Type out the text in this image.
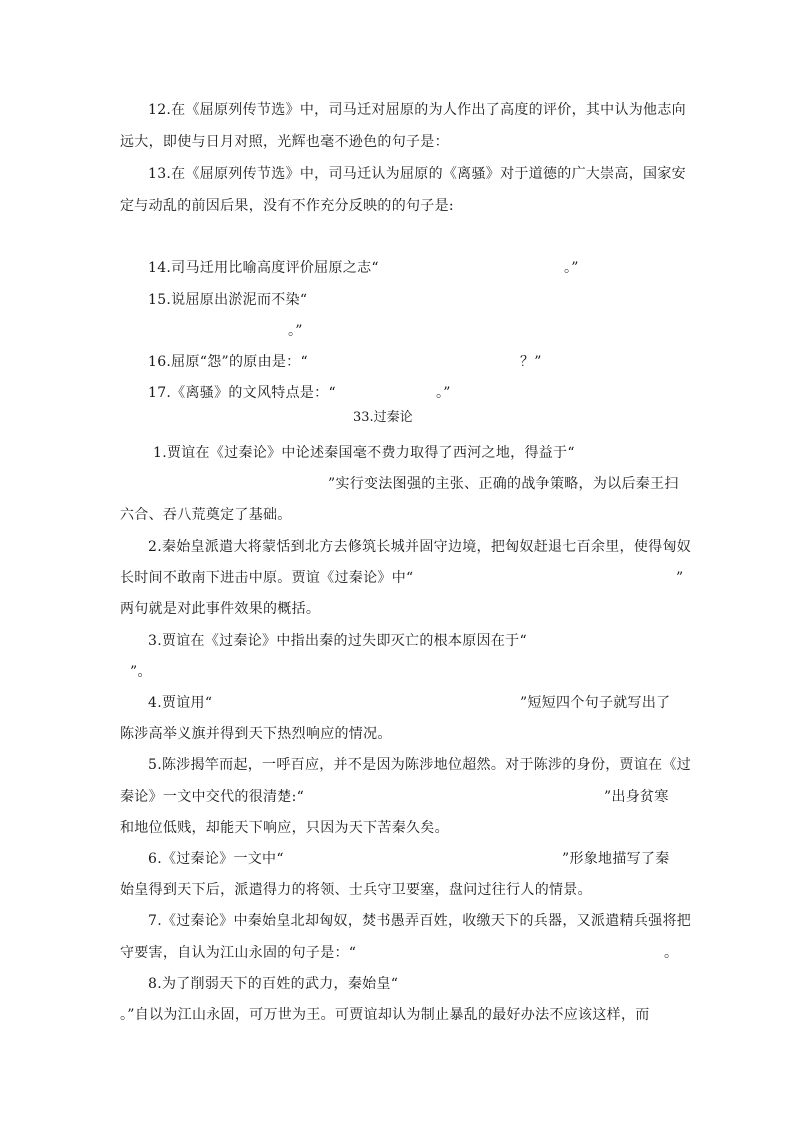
12.在《屈原列传节选》中，司马迁对屈原的为人作出了高度的评价，其中认为他志向
远大，即使与日月对照，光辉也毫不逊色的句子是：
13.在《屈原列传节选》中，司马迁认为屈原的《离骚》对于道德的广大崇高，国家安
定与动乱的前因后果，没有不作充分反映的的句子是:
14.司马迁用比喻高度评价屈原之志“	。”
15.说屈原出淤泥而不染“
。”
16.屈原“怨”的原由是：“	？”
17.《离骚》的文风特点是：“	。”
33.过秦论
1.贾谊在《过秦论》中论述秦国毫不费力取得了西河之地，得益于“
”实行变法图强的主张、正确的战争策略，为以后秦王扫
六合、吞八荒奠定了基础。
2.秦始皇派遣大将蒙恬到北方去修筑长城并固守边境，把匈奴赶退七百余里，使得匈奴
长时间不敢南下进击中原。贾谊《过秦论》中“	”
两句就是对此事件效果的概括。
3.贾谊在《过秦论》中指出秦的过失即灭亡的根本原因在于“
”。
4.贾谊用“	”短短四个句子就写出了
陈涉高举义旗并得到天下热烈响应的情况。
5.陈涉揭竿而起，一呼百应，并不是因为陈涉地位超然。对于陈涉的身份，贾谊在《过
秦论》一文中交代的很清楚:“	”出身贫寒
和地位低贱，却能天下响应，只因为天下苦秦久矣。
6.《过秦论》一文中“	”形象地描写了秦
始皇得到天下后，派遣得力的将领、士兵守卫要塞，盘问过往行人的情景。
7.《过秦论》中秦始皇北却匈奴，焚书愚弄百姓，收缴天下的兵器，又派遣精兵强将把
守要害，自认为江山永固的句子是：“	。
8.为了削弱天下的百姓的武力，秦始皇“
。”自以为江山永固，可万世为王。可贾谊却认为制止暴乱的最好办法不应该这样，而
